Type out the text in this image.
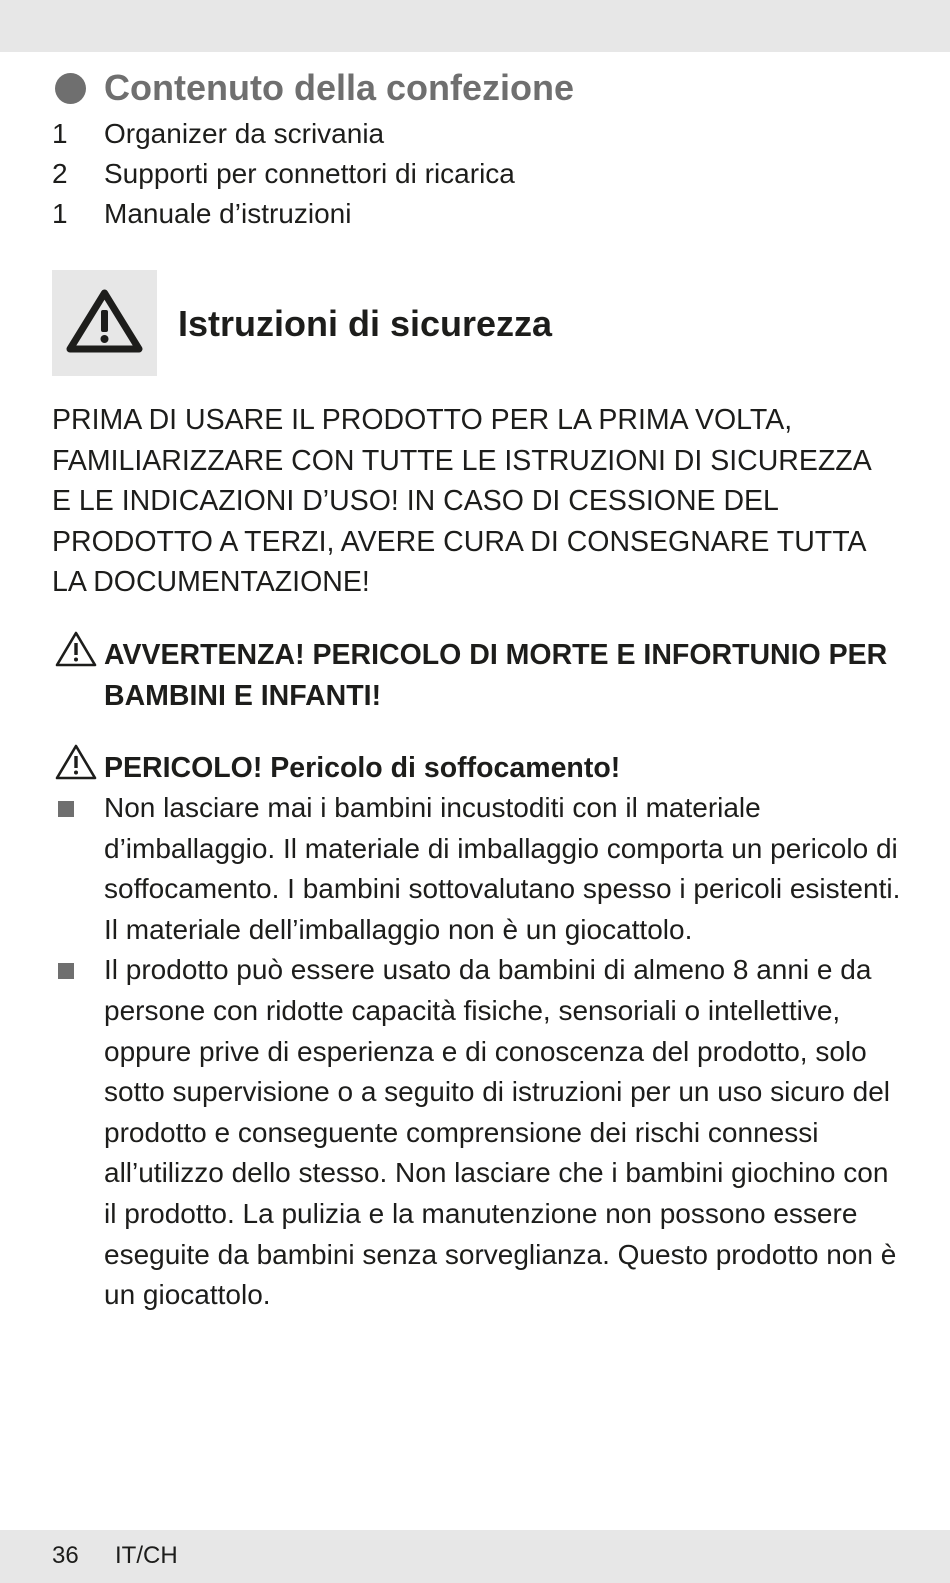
Contenuto della confezione
1	Organizer da scrivania
2	Supporti per connettori di ricarica
1	Manuale d’istruzioni
Istruzioni di sicurezza

PRIMA DI USARE IL PRODOTTO PER LA PRIMA VOLTA, FAMILIARIZZARE CON TUTTE LE ISTRUZIONI DI SICUREZZA E LE INDICAZIONI D’USO! IN CASO DI CESSIONE DEL PRODOTTO A TERZI, AVERE CURA DI CONSEGNARE TUTTA LA DOCUMENTAZIONE!

AVVERTENZA! PERICOLO DI MORTE E INFORTUNIO PER BAMBINI E INFANTI!

PERICOLO! Pericolo di soffocamento!

Non lasciare mai i bambini incustoditi con il materiale d’imballaggio. Il materiale di imballaggio comporta un pericolo di soffocamento. I bambini sottovalutano spesso i pericoli esistenti. Il materiale dell’imballaggio non è un giocattolo.
Il prodotto può essere usato da bambini di almeno 8 anni e da persone con ridotte capacità fisiche, sensoriali o intellettive, oppure prive di esperienza e di conoscenza del prodotto, solo sotto supervisione o a seguito di istruzioni per un uso sicuro del prodotto e conseguente comprensione dei rischi connessi all’utilizzo dello stesso. Non lasciare che i bambini giochino con il prodotto. La pulizia e la manutenzione non possono essere eseguite da bambini senza sorveglianza. Questo prodotto non è un giocattolo.
36 IT/CH
